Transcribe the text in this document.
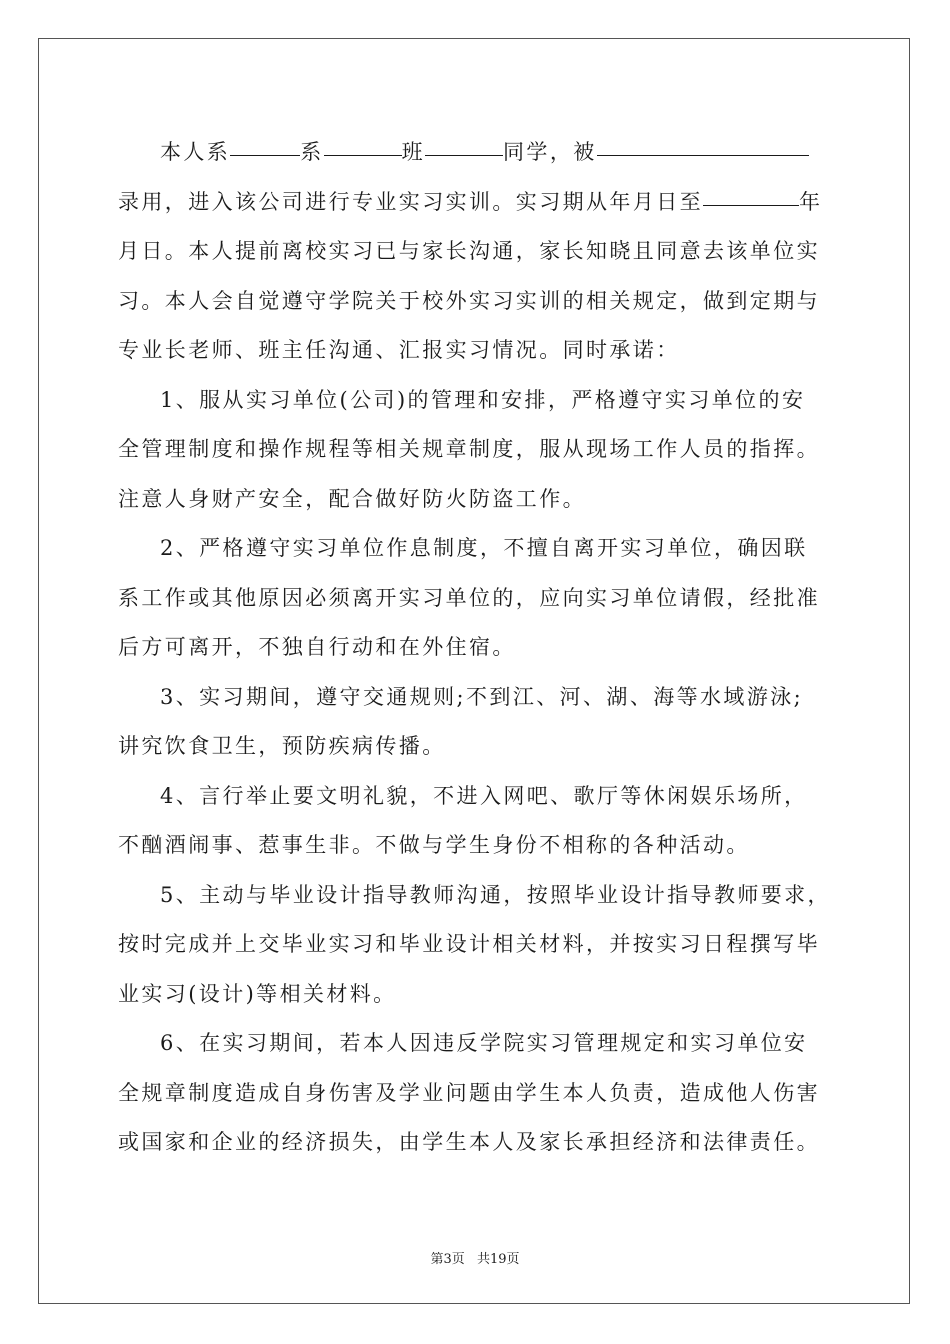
本人系	系	班	同学，被
录用，进入该公司进行专业实习实训。实习期从年月日至	年
月日。本人提前离校实习已与家长沟通，家长知晓且同意去该单位实
习。本人会自觉遵守学院关于校外实习实训的相关规定，做到定期与
专业长老师、班主任沟通、汇报实习情况。同时承诺：

1、服从实习单位(公司)的管理和安排，严格遵守实习单位的安
全管理制度和操作规程等相关规章制度，服从现场工作人员的指挥。
注意人身财产安全，配合做好防火防盗工作。

2、严格遵守实习单位作息制度，不擅自离开实习单位，确因联
系工作或其他原因必须离开实习单位的，应向实习单位请假，经批准
后方可离开，不独自行动和在外住宿。

3、实习期间，遵守交通规则;不到江、河、湖、海等水域游泳;
讲究饮食卫生，预防疾病传播。

4、言行举止要文明礼貌，不进入网吧、歌厅等休闲娱乐场所，
不酗酒闹事、惹事生非。不做与学生身份不相称的各种活动。

5、主动与毕业设计指导教师沟通，按照毕业设计指导教师要求，
按时完成并上交毕业实习和毕业设计相关材料，并按实习日程撰写毕
业实习(设计)等相关材料。

6、在实习期间，若本人因违反学院实习管理规定和实习单位安
全规章制度造成自身伤害及学业问题由学生本人负责，造成他人伤害
或国家和企业的经济损失，由学生本人及家长承担经济和法律责任。

第3页 共19页
